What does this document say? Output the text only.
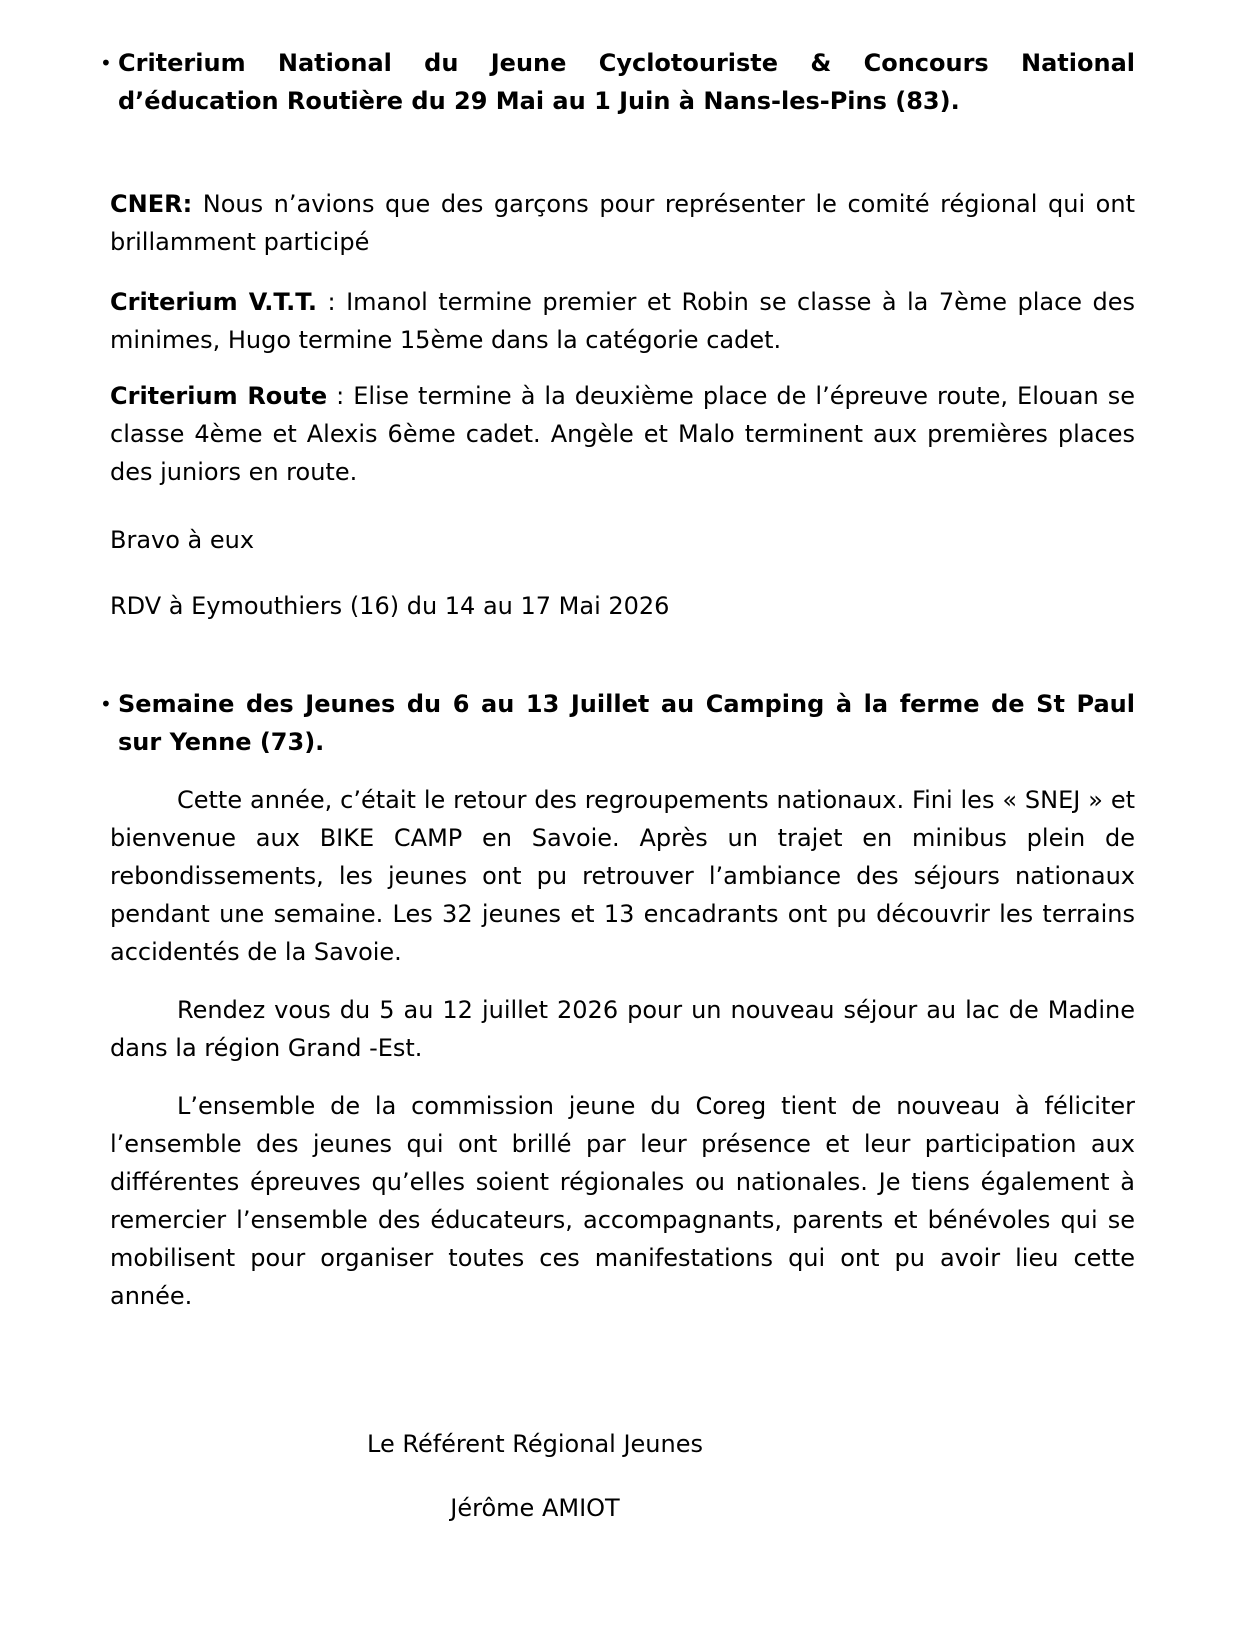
• Criterium National du Jeune Cyclotouriste & Concours National d’éducation Routière du 29 Mai au 1 Juin à Nans-les-Pins (83).

CNER: Nous n’avions que des garçons pour représenter le comité régional qui ont brillamment participé

Criterium V.T.T. : Imanol termine premier et Robin se classe à la 7ème place des minimes, Hugo termine 15ème dans la catégorie cadet.

Criterium Route : Elise termine à la deuxième place de l’épreuve route, Elouan se classe 4ème et Alexis 6ème cadet. Angèle et Malo terminent aux premières places des juniors en route.

Bravo à eux

RDV à Eymouthiers (16) du 14 au 17 Mai 2026

• Semaine des Jeunes du 6 au 13 Juillet au Camping à la ferme de St Paul sur Yenne (73).

Cette année, c’était le retour des regroupements nationaux. Fini les « SNEJ » et bienvenue aux BIKE CAMP en Savoie. Après un trajet en minibus plein de rebondissements, les jeunes ont pu retrouver l’ambiance des séjours nationaux pendant une semaine. Les 32 jeunes et 13 encadrants ont pu découvrir les terrains accidentés de la Savoie.

Rendez vous du 5 au 12 juillet 2026 pour un nouveau séjour au lac de Madine dans la région Grand -Est.

L’ensemble de la commission jeune du Coreg tient de nouveau à féliciter l’ensemble des jeunes qui ont brillé par leur présence et leur participation aux différentes épreuves qu’elles soient régionales ou nationales. Je tiens également à remercier l’ensemble des éducateurs, accompagnants, parents et bénévoles qui se mobilisent pour organiser toutes ces manifestations qui ont pu avoir lieu cette année.

Le Référent Régional Jeunes

Jérôme AMIOT
